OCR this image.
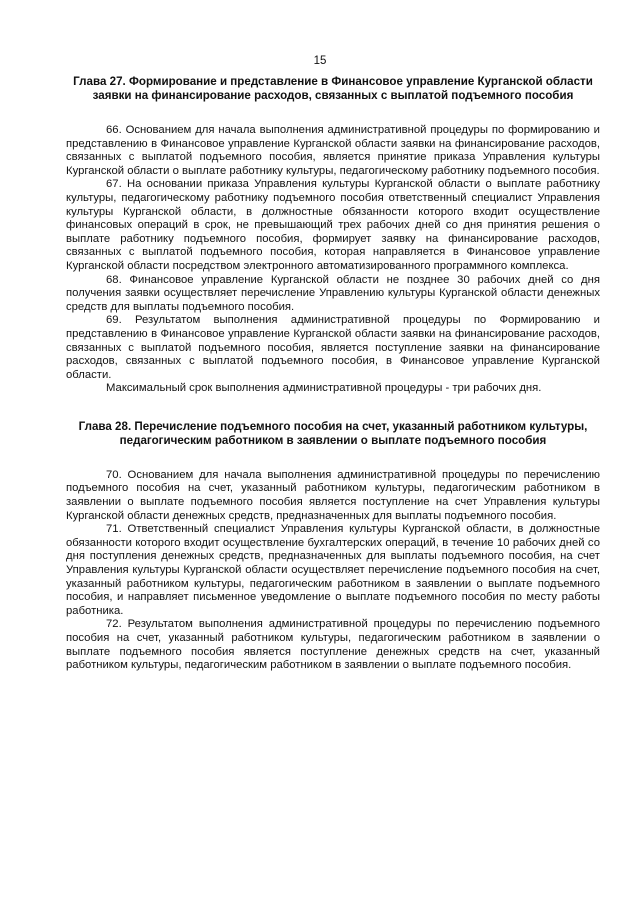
15
Глава 27. Формирование и представление в Финансовое управление Курганской области заявки на финансирование расходов, связанных с выплатой подъемного пособия

66. Основанием для начала выполнения административной процедуры по формированию и представлению в Финансовое управление Курганской области заявки на финансирование расходов, связанных с выплатой подъемного пособия, является принятие приказа Управления культуры Курганской области о выплате работнику культуры, педагогическому работнику подъемного пособия.

67. На основании приказа Управления культуры Курганской области о выплате работнику культуры, педагогическому работнику подъемного пособия ответственный специалист Управления культуры Курганской области, в должностные обязанности которого входит осуществление финансовых операций в срок, не превышающий трех рабочих дней со дня принятия решения о выплате работнику подъемного пособия, формирует заявку на финансирование расходов, связанных с выплатой подъемного пособия, которая направляется в Финансовое управление Курганской области посредством электронного автоматизированного программного комплекса.

68. Финансовое управление Курганской области не позднее 30 рабочих дней со дня получения заявки осуществляет перечисление Управлению культуры Курганской области денежных средств для выплаты подъемного пособия.

69. Результатом выполнения административной процедуры по Формированию и представлению в Финансовое управление Курганской области заявки на финансирование расходов, связанных с выплатой подъемного пособия, является поступление заявки на финансирование расходов, связанных с выплатой подъемного пособия, в Финансовое управление Курганской области.

Максимальный срок выполнения административной процедуры - три рабочих дня.

Глава 28. Перечисление подъемного пособия на счет, указанный работником культуры, педагогическим работником в заявлении о выплате подъемного пособия

70. Основанием для начала выполнения административной процедуры по перечислению подъемного пособия на счет, указанный работником культуры, педагогическим работником в заявлении о выплате подъемного пособия является поступление на счет Управления культуры Курганской области денежных средств, предназначенных для выплаты подъемного пособия.

71. Ответственный специалист Управления культуры Курганской области, в должностные обязанности которого входит осуществление бухгалтерских операций, в течение 10 рабочих дней со дня поступления денежных средств, предназначенных для выплаты подъемного пособия, на счет Управления культуры Курганской области осуществляет перечисление подъемного пособия на счет, указанный работником культуры, педагогическим работником в заявлении о выплате подъемного пособия, и направляет письменное уведомление о выплате подъемного пособия по месту работы работника.

72. Результатом выполнения административной процедуры по перечислению подъемного пособия на счет, указанный работником культуры, педагогическим работником в заявлении о выплате подъемного пособия является поступление денежных средств на счет, указанный работником культуры, педагогическим работником в заявлении о выплате подъемного пособия.
